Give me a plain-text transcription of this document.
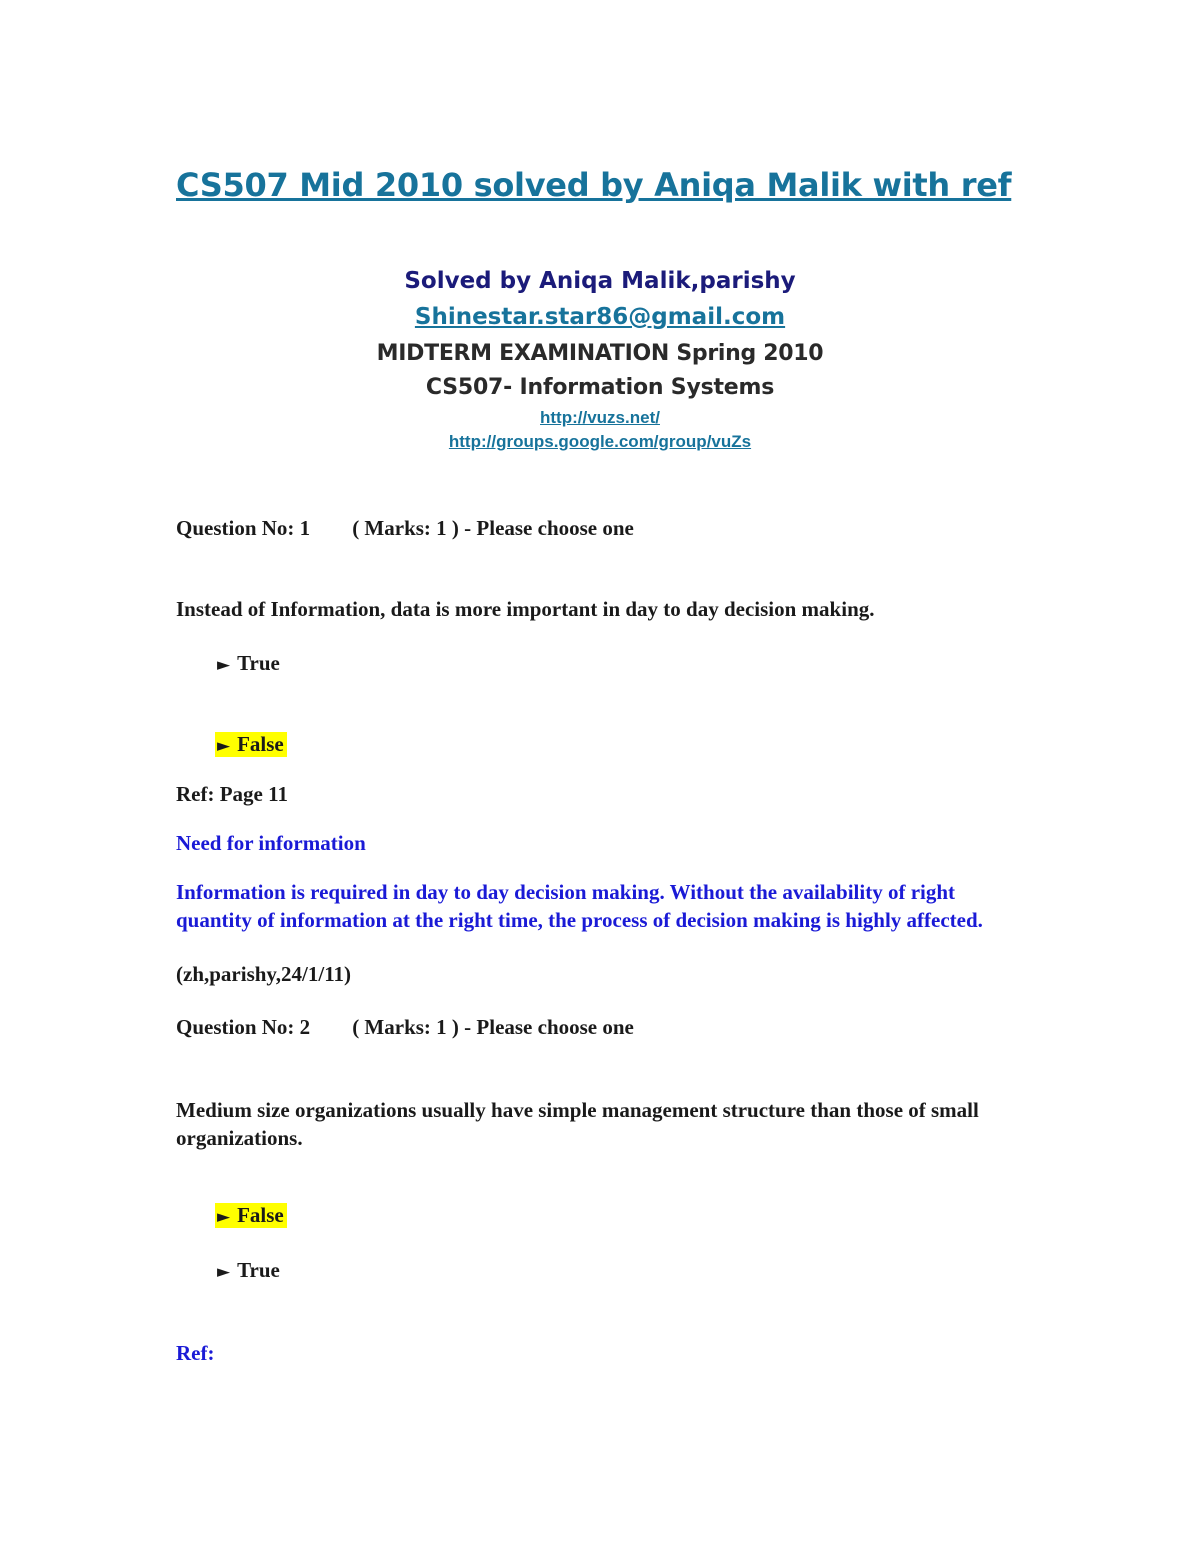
CS507 Mid 2010 solved by Aniqa Malik with ref
Solved by Aniqa Malik,parishy
Shinestar.star86@gmail.com
MIDTERM EXAMINATION Spring 2010
CS507- Information Systems
http://vuzs.net/
http://groups.google.com/group/vuZs
Question No: 1 ( Marks: 1 ) - Please choose one
Instead of Information, data is more important in day to day decision making.
► True
► False
Ref: Page 11
Need for information
Information is required in day to day decision making. Without the availability of right quantity of information at the right time, the process of decision making is highly affected.
(zh,parishy,24/1/11)
Question No: 2 ( Marks: 1 ) - Please choose one
Medium size organizations usually have simple management structure than those of small organizations.
► False
► True
Ref:
